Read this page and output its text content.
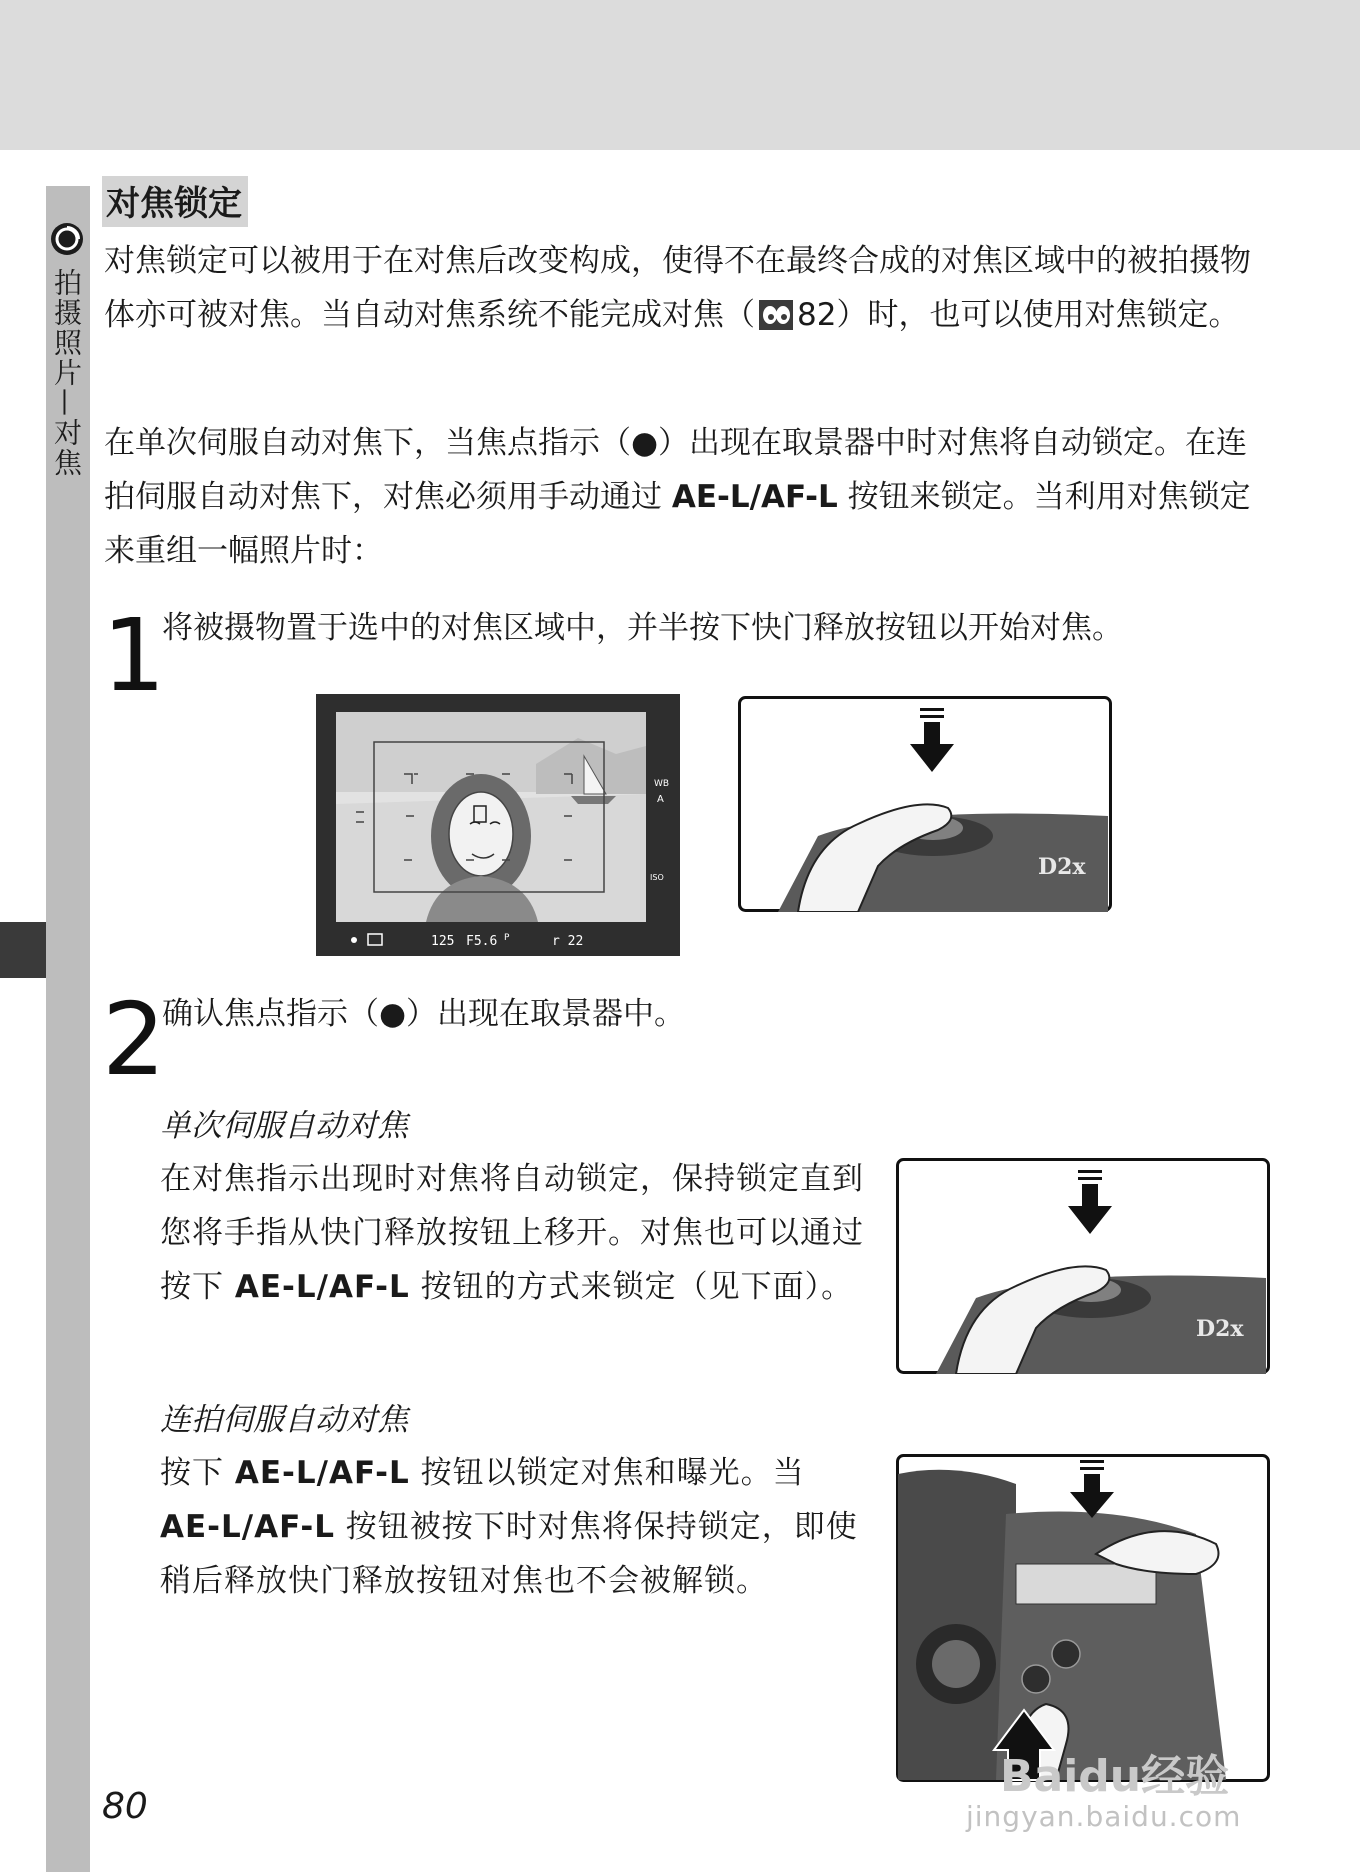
拍摄照片—对焦
对焦锁定

对焦锁定可以被用于在对焦后改变构成，使得不在最终合成的对焦区域中的被拍摄物体亦可被对焦。当自动对焦系统不能完成对焦（ 82）时，也可以使用对焦锁定。

在单次伺服自动对焦下，当焦点指示（●）出现在取景器中时对焦将自动锁定。在连拍伺服自动对焦下，对焦必须用手动通过 AE-L/AF-L 按钮来锁定。当利用对焦锁定来重组一幅照片时：

1

将被摄物置于选中的对焦区域中，并半按下快门释放按钮以开始对焦。

WB
A
ISO
125 F5.6 P	r 22
D2x
2

确认焦点指示（●）出现在取景器中。

单次伺服自动对焦

在对焦指示出现时对焦将自动锁定，保持锁定直到您将手指从快门释放按钮上移开。对焦也可以通过按下 AE-L/AF-L 按钮的方式来锁定（见下面）。

D2x

连拍伺服自动对焦

按下 AE-L/AF-L 按钮以锁定对焦和曝光。当 AE-L/AF-L 按钮被按下时对焦将保持锁定，即使稍后释放快门释放按钮对焦也不会被解锁。

80
Baidu经验
jingyan.baidu.com
